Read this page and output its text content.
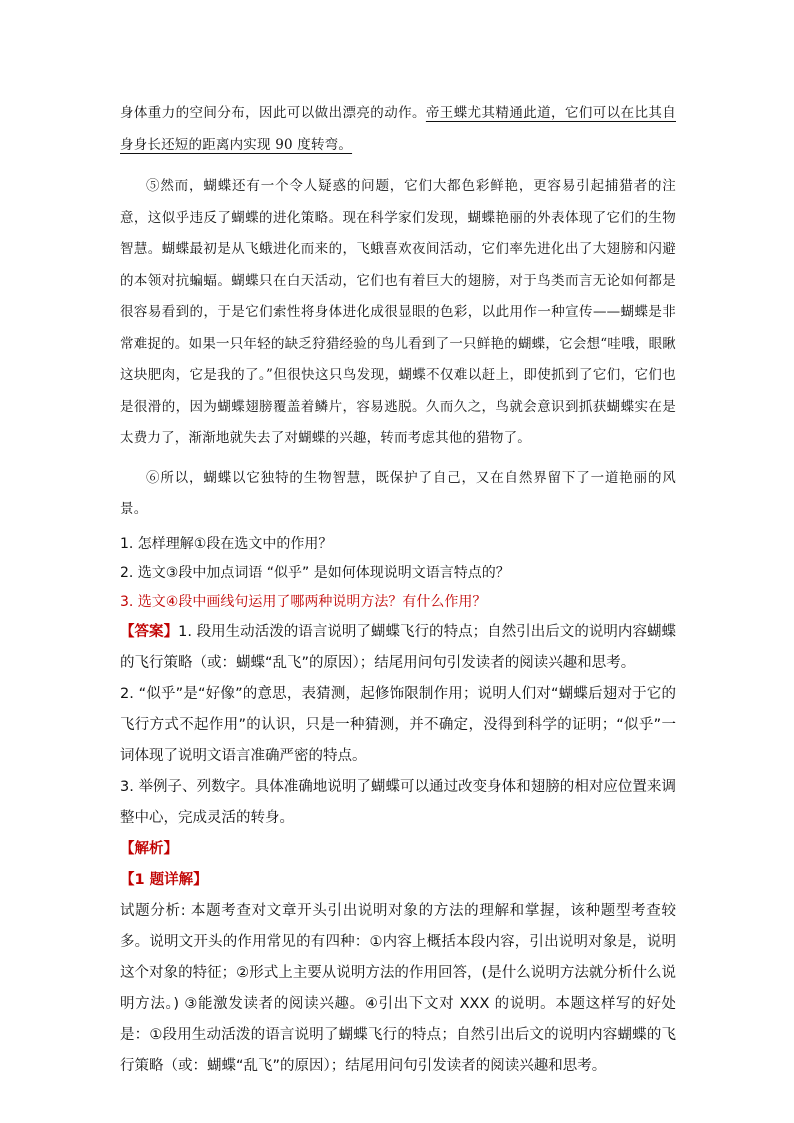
身体重力的空间分布，因此可以做出漂亮的动作。帝王蝶尤其精通此道，它们可以在比其自身身长还短的距离内实现 90 度转弯。
⑤然而，蝴蝶还有一个令人疑惑的问题，它们大都色彩鲜艳，更容易引起捕猎者的注意，这似乎违反了蝴蝶的进化策略。现在科学家们发现，蝴蝶艳丽的外表体现了它们的生物智慧。蝴蝶最初是从飞蛾进化而来的，飞蛾喜欢夜间活动，它们率先进化出了大翅膀和闪避的本领对抗蝙蝠。蝴蝶只在白天活动，它们也有着巨大的翅膀，对于鸟类而言无论如何都是很容易看到的，于是它们索性将身体进化成很显眼的色彩，以此用作一种宣传——蝴蝶是非常难捉的。如果一只年轻的缺乏狩猎经验的鸟儿看到了一只鲜艳的蝴蝶，它会想“哇哦，眼瞅这块肥肉，它是我的了。”但很快这只鸟发现，蝴蝶不仅难以赶上，即使抓到了它们，它们也是很滑的，因为蝴蝶翅膀覆盖着鳞片，容易逃脱。久而久之，鸟就会意识到抓获蝴蝶实在是太费力了，渐渐地就失去了对蝴蝶的兴趣，转而考虑其他的猎物了。
⑥所以，蝴蝶以它独特的生物智慧，既保护了自己，又在自然界留下了一道艳丽的风景。
1. 怎样理解①段在选文中的作用？
2. 选文③段中加点词语 “似乎” 是如何体现说明文语言特点的？
3. 选文④段中画线句运用了哪两种说明方法？有什么作用？
【答案】1. 段用生动活泼的语言说明了蝴蝶飞行的特点；自然引出后文的说明内容蝴蝶的飞行策略（或：蝴蝶“乱飞”的原因）；结尾用问句引发读者的阅读兴趣和思考。
2. “似乎”是“好像”的意思，表猜测，起修饰限制作用；说明人们对“蝴蝶后翅对于它的飞行方式不起作用”的认识，只是一种猜测，并不确定，没得到科学的证明；“似乎”一词体现了说明文语言准确严密的特点。
3. 举例子、列数字。具体准确地说明了蝴蝶可以通过改变身体和翅膀的相对应位置来调整中心，完成灵活的转身。
【解析】
【1 题详解】
试题分析: 本题考查对文章开头引出说明对象的方法的理解和掌握，该种题型考查较多。说明文开头的作用常见的有四种：①内容上概括本段内容，引出说明对象是，说明这个对象的特征；②形式上主要从说明方法的作用回答，(是什么说明方法就分析什么说明方法。) ③能激发读者的阅读兴趣。④引出下文对 XXX 的说明。本题这样写的好处是：①段用生动活泼的语言说明了蝴蝶飞行的特点；自然引出后文的说明内容蝴蝶的飞行策略（或：蝴蝶“乱飞”的原因）；结尾用问句引发读者的阅读兴趣和思考。
